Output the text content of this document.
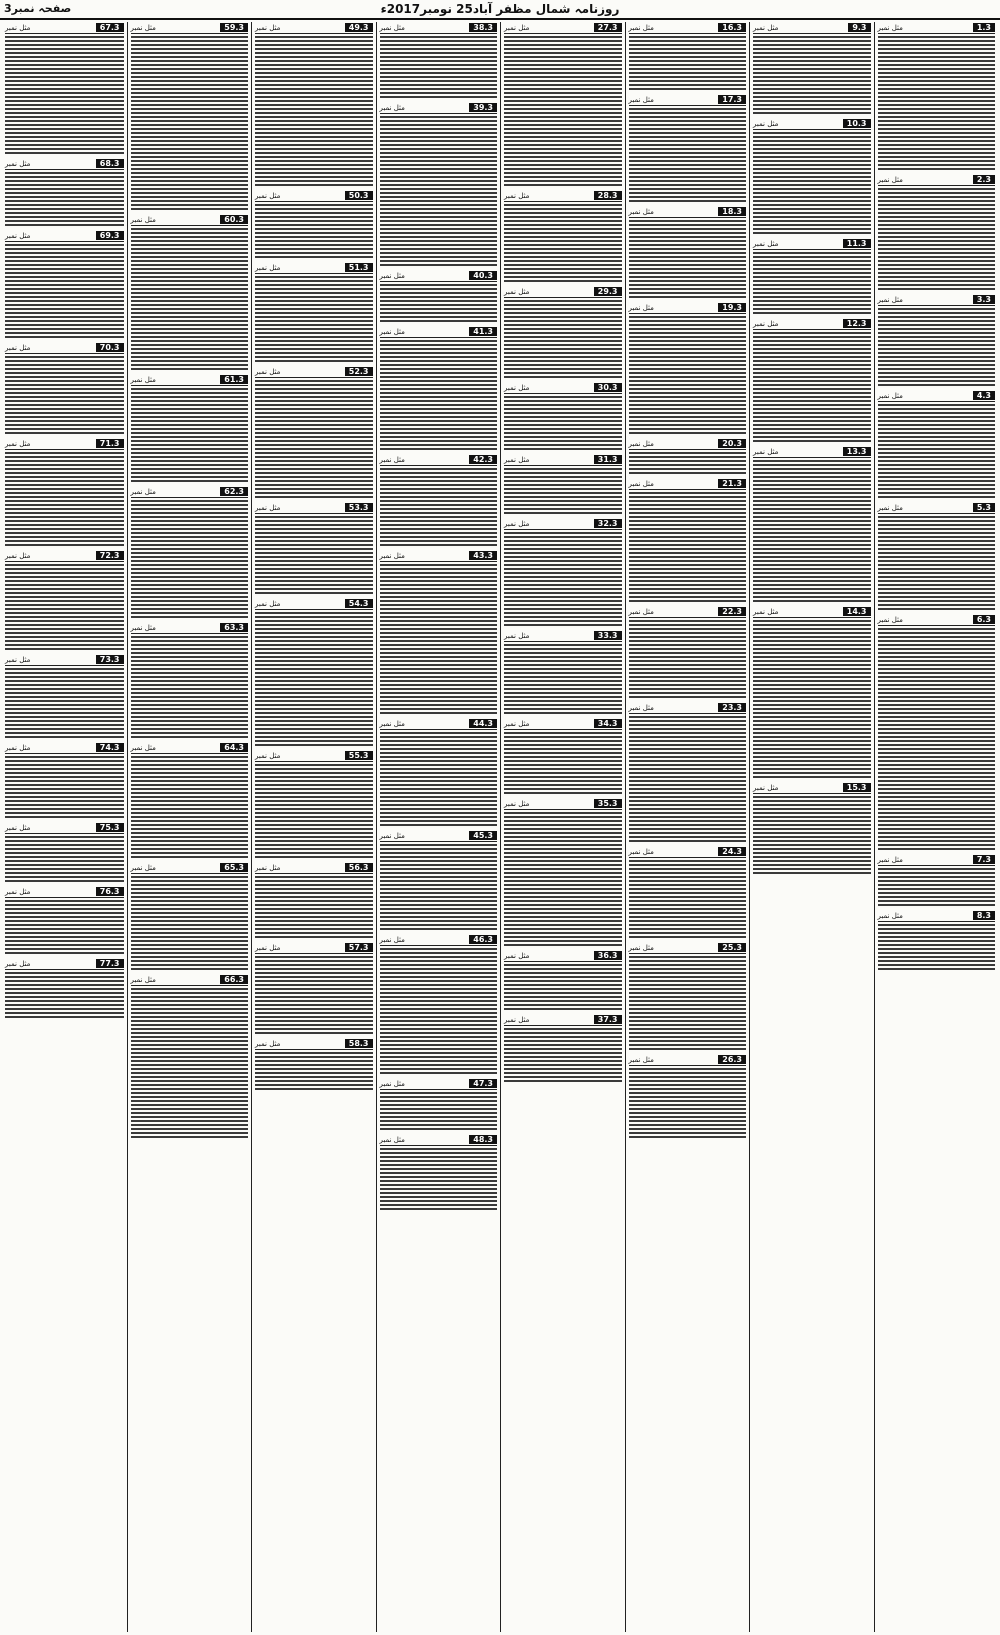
صفحہ نمبر3	روزنامہ شمال مظفر آباد25 نومبر2017ء
1.3
مثل نمبر
2.3
مثل نمبر
3.3
مثل نمبر
4.3
مثل نمبر
5.3
مثل نمبر
6.3
مثل نمبر
7.3
مثل نمبر
8.3
مثل نمبر
9.3
مثل نمبر
10.3
مثل نمبر
11.3
مثل نمبر
12.3
مثل نمبر
13.3
مثل نمبر
14.3
مثل نمبر
15.3
مثل نمبر
16.3
مثل نمبر
17.3
مثل نمبر
18.3
مثل نمبر
19.3
مثل نمبر
20.3
مثل نمبر
21.3
مثل نمبر
22.3
مثل نمبر
23.3
مثل نمبر
24.3
مثل نمبر
25.3
مثل نمبر
26.3
مثل نمبر
27.3
مثل نمبر
28.3
مثل نمبر
29.3
مثل نمبر
30.3
مثل نمبر
31.3
مثل نمبر
32.3
مثل نمبر
33.3
مثل نمبر
34.3
مثل نمبر
35.3
مثل نمبر
36.3
مثل نمبر
37.3
مثل نمبر
38.3
مثل نمبر
39.3
مثل نمبر
40.3
مثل نمبر
41.3
مثل نمبر
42.3
مثل نمبر
43.3
مثل نمبر
44.3
مثل نمبر
45.3
مثل نمبر
46.3
مثل نمبر
47.3
مثل نمبر
48.3
مثل نمبر
49.3
مثل نمبر
50.3
مثل نمبر
51.3
مثل نمبر
52.3
مثل نمبر
53.3
مثل نمبر
54.3
مثل نمبر
55.3
مثل نمبر
56.3
مثل نمبر
57.3
مثل نمبر
58.3
مثل نمبر
59.3
مثل نمبر
60.3
مثل نمبر
61.3
مثل نمبر
62.3
مثل نمبر
63.3
مثل نمبر
64.3
مثل نمبر
65.3
مثل نمبر
66.3
مثل نمبر
67.3
مثل نمبر
68.3
مثل نمبر
69.3
مثل نمبر
70.3
مثل نمبر
71.3
مثل نمبر
72.3
مثل نمبر
73.3
مثل نمبر
74.3
مثل نمبر
75.3
مثل نمبر
76.3
مثل نمبر
77.3
مثل نمبر
